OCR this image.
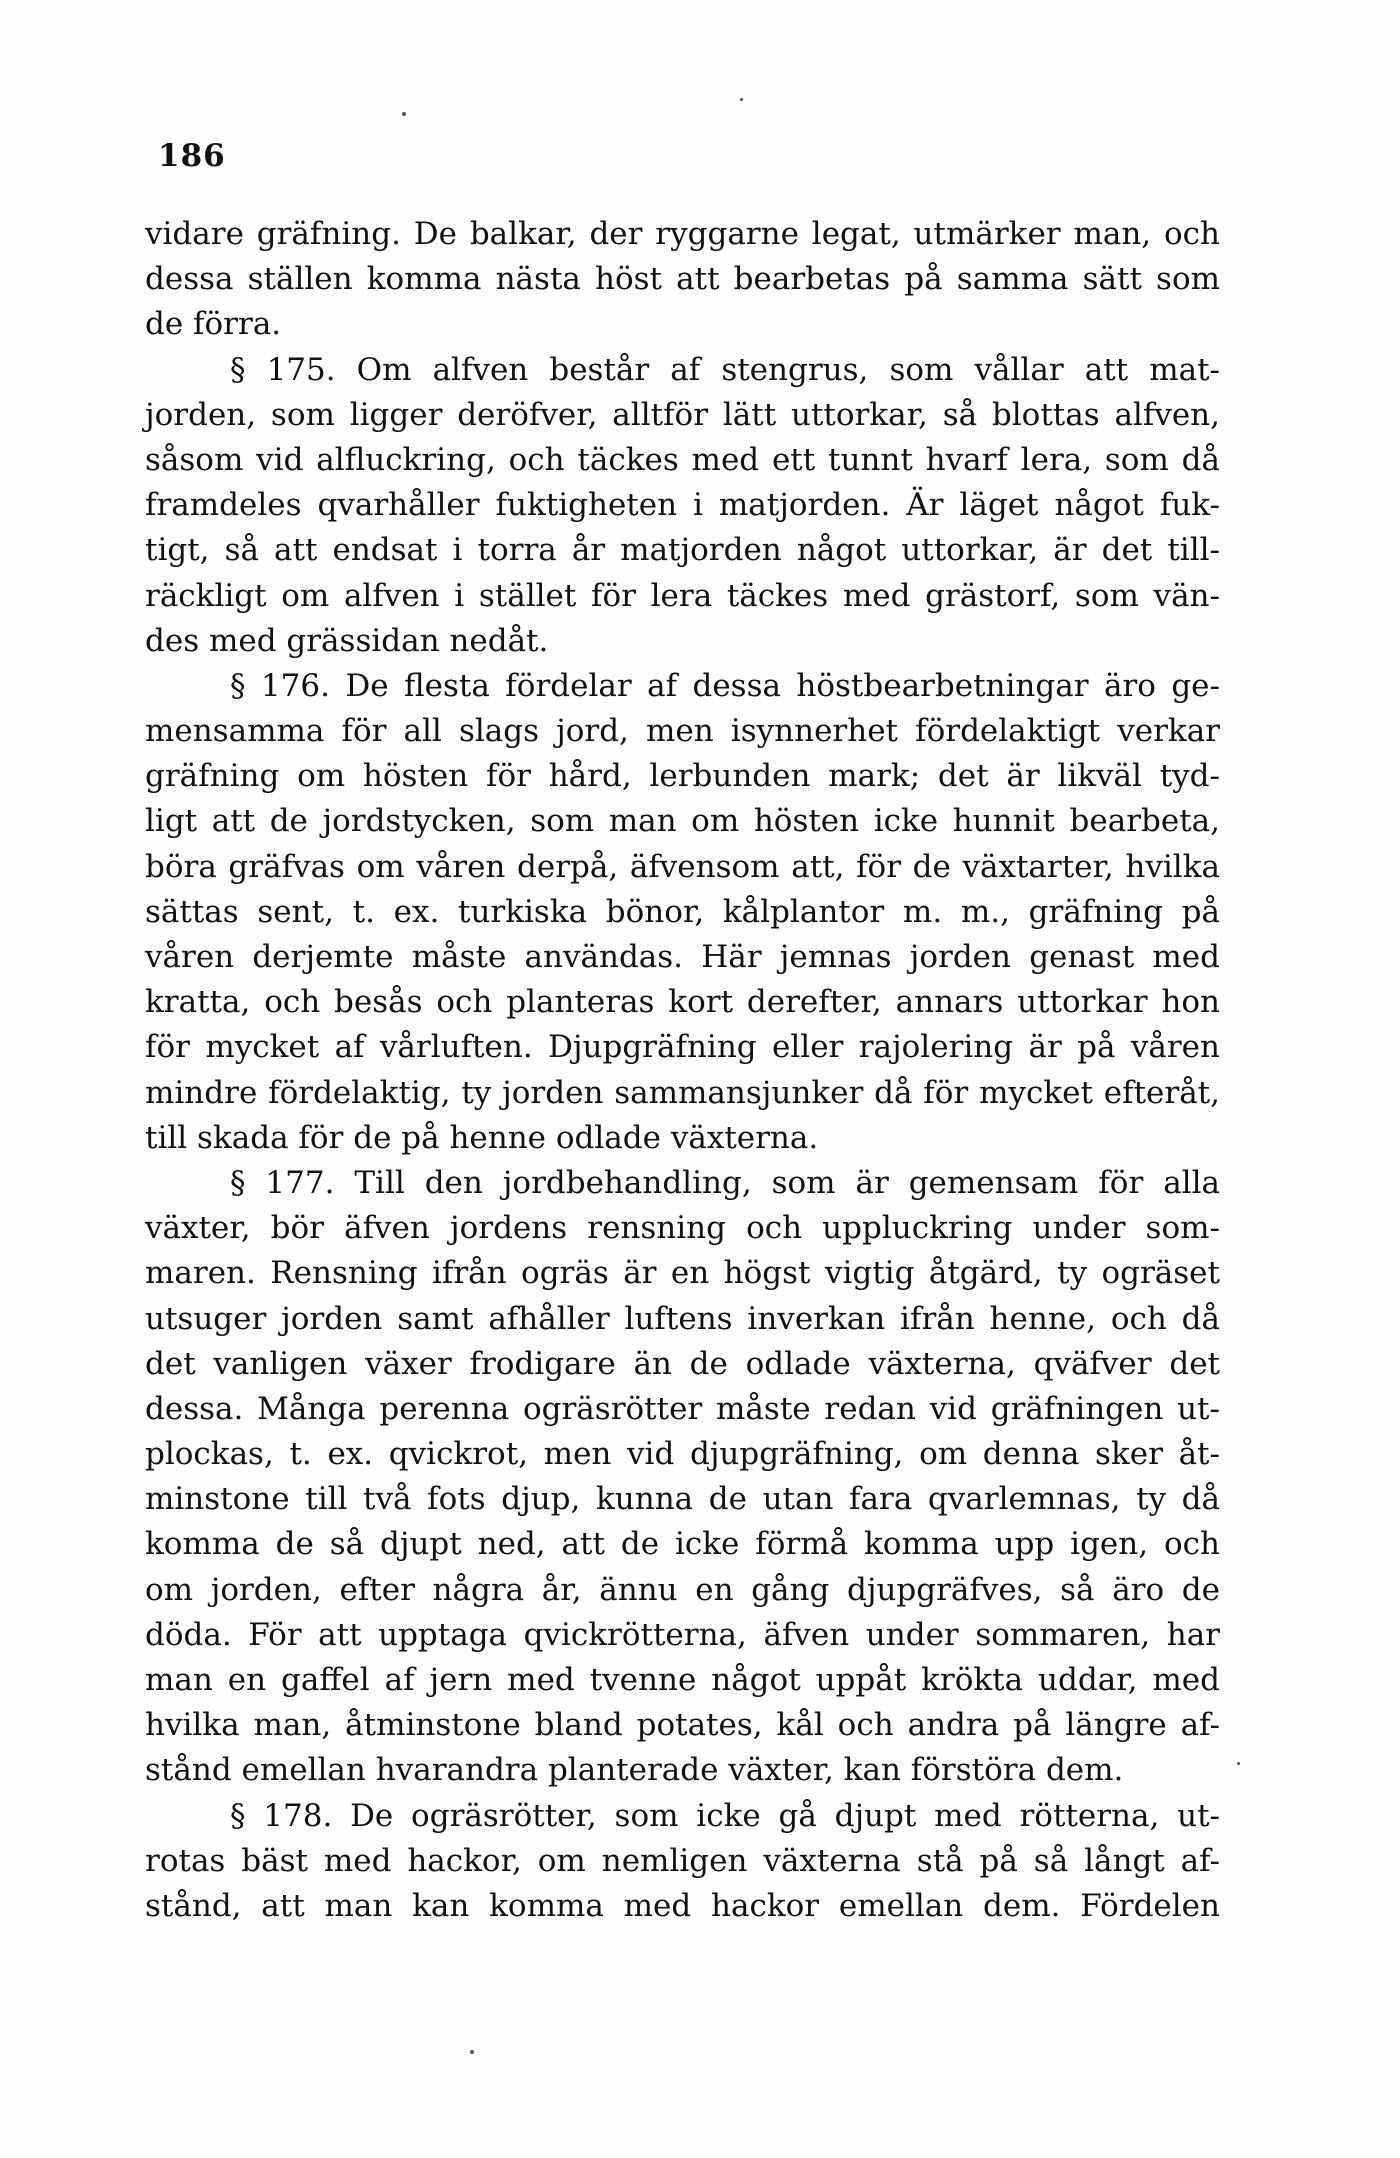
186
vidare gräfning. De balkar, der ryggarne legat, utmärker man, och
dessa ställen komma nästa höst att bearbetas på samma sätt som
de förra.
§ 175. Om alfven består af stengrus, som vållar att mat-
jorden, som ligger deröfver, alltför lätt uttorkar, så blottas alfven,
såsom vid alfluckring, och täckes med ett tunnt hvarf lera, som då
framdeles qvarhåller fuktigheten i matjorden. Är läget något fuk-
tigt, så att endsat i torra år matjorden något uttorkar, är det till-
räckligt om alfven i stället för lera täckes med grästorf, som vän-
des med grässidan nedåt.
§ 176. De flesta fördelar af dessa höstbearbetningar äro ge-
mensamma för all slags jord, men isynnerhet fördelaktigt verkar
gräfning om hösten för hård, lerbunden mark; det är likväl tyd-
ligt att de jordstycken, som man om hösten icke hunnit bearbeta,
böra gräfvas om våren derpå, äfvensom att, för de växtarter, hvilka
sättas sent, t. ex. turkiska bönor, kålplantor m. m., gräfning på
våren derjemte måste användas. Här jemnas jorden genast med
kratta, och besås och planteras kort derefter, annars uttorkar hon
för mycket af vårluften. Djupgräfning eller rajolering är på våren
mindre fördelaktig, ty jorden sammansjunker då för mycket efteråt,
till skada för de på henne odlade växterna.
§ 177. Till den jordbehandling, som är gemensam för alla
växter, bör äfven jordens rensning och uppluckring under som-
maren. Rensning ifrån ogräs är en högst vigtig åtgärd, ty ogräset
utsuger jorden samt afhåller luftens inverkan ifrån henne, och då
det vanligen växer frodigare än de odlade växterna, qväfver det
dessa. Många perenna ogräsrötter måste redan vid gräfningen ut-
plockas, t. ex. qvickrot, men vid djupgräfning, om denna sker åt-
minstone till två fots djup, kunna de utan fara qvarlemnas, ty då
komma de så djupt ned, att de icke förmå komma upp igen, och
om jorden, efter några år, ännu en gång djupgräfves, så äro de
döda. För att upptaga qvickrötterna, äfven under sommaren, har
man en gaffel af jern med tvenne något uppåt krökta uddar, med
hvilka man, åtminstone bland potates, kål och andra på längre af-
stånd emellan hvarandra planterade växter, kan förstöra dem.
§ 178. De ogräsrötter, som icke gå djupt med rötterna, ut-
rotas bäst med hackor, om nemligen växterna stå på så långt af-
stånd, att man kan komma med hackor emellan dem. Fördelen
